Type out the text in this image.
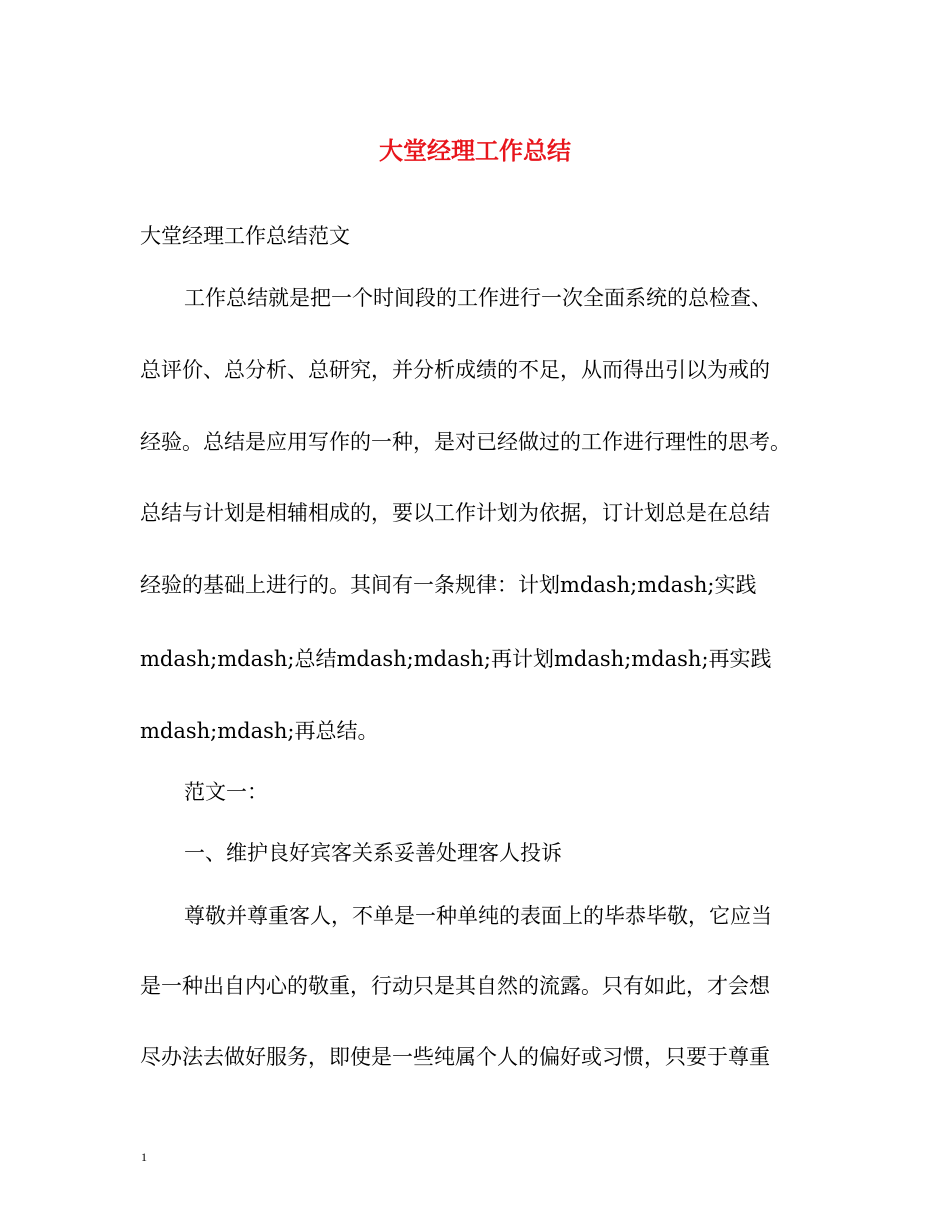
大堂经理工作总结
大堂经理工作总结范文
工作总结就是把一个时间段的工作进行一次全面系统的总检查、
总评价、总分析、总研究，并分析成绩的不足，从而得出引以为戒的
经验。总结是应用写作的一种，是对已经做过的工作进行理性的思考。
总结与计划是相辅相成的，要以工作计划为依据，订计划总是在总结
经验的基础上进行的。其间有一条规律：计划mdash;mdash;实践
mdash;mdash;总结mdash;mdash;再计划mdash;mdash;再实践
mdash;mdash;再总结。
范文一：
一、维护良好宾客关系妥善处理客人投诉
尊敬并尊重客人，不单是一种单纯的表面上的毕恭毕敬，它应当
是一种出自内心的敬重，行动只是其自然的流露。只有如此，才会想
尽办法去做好服务，即使是一些纯属个人的偏好或习惯，只要于尊重
1
